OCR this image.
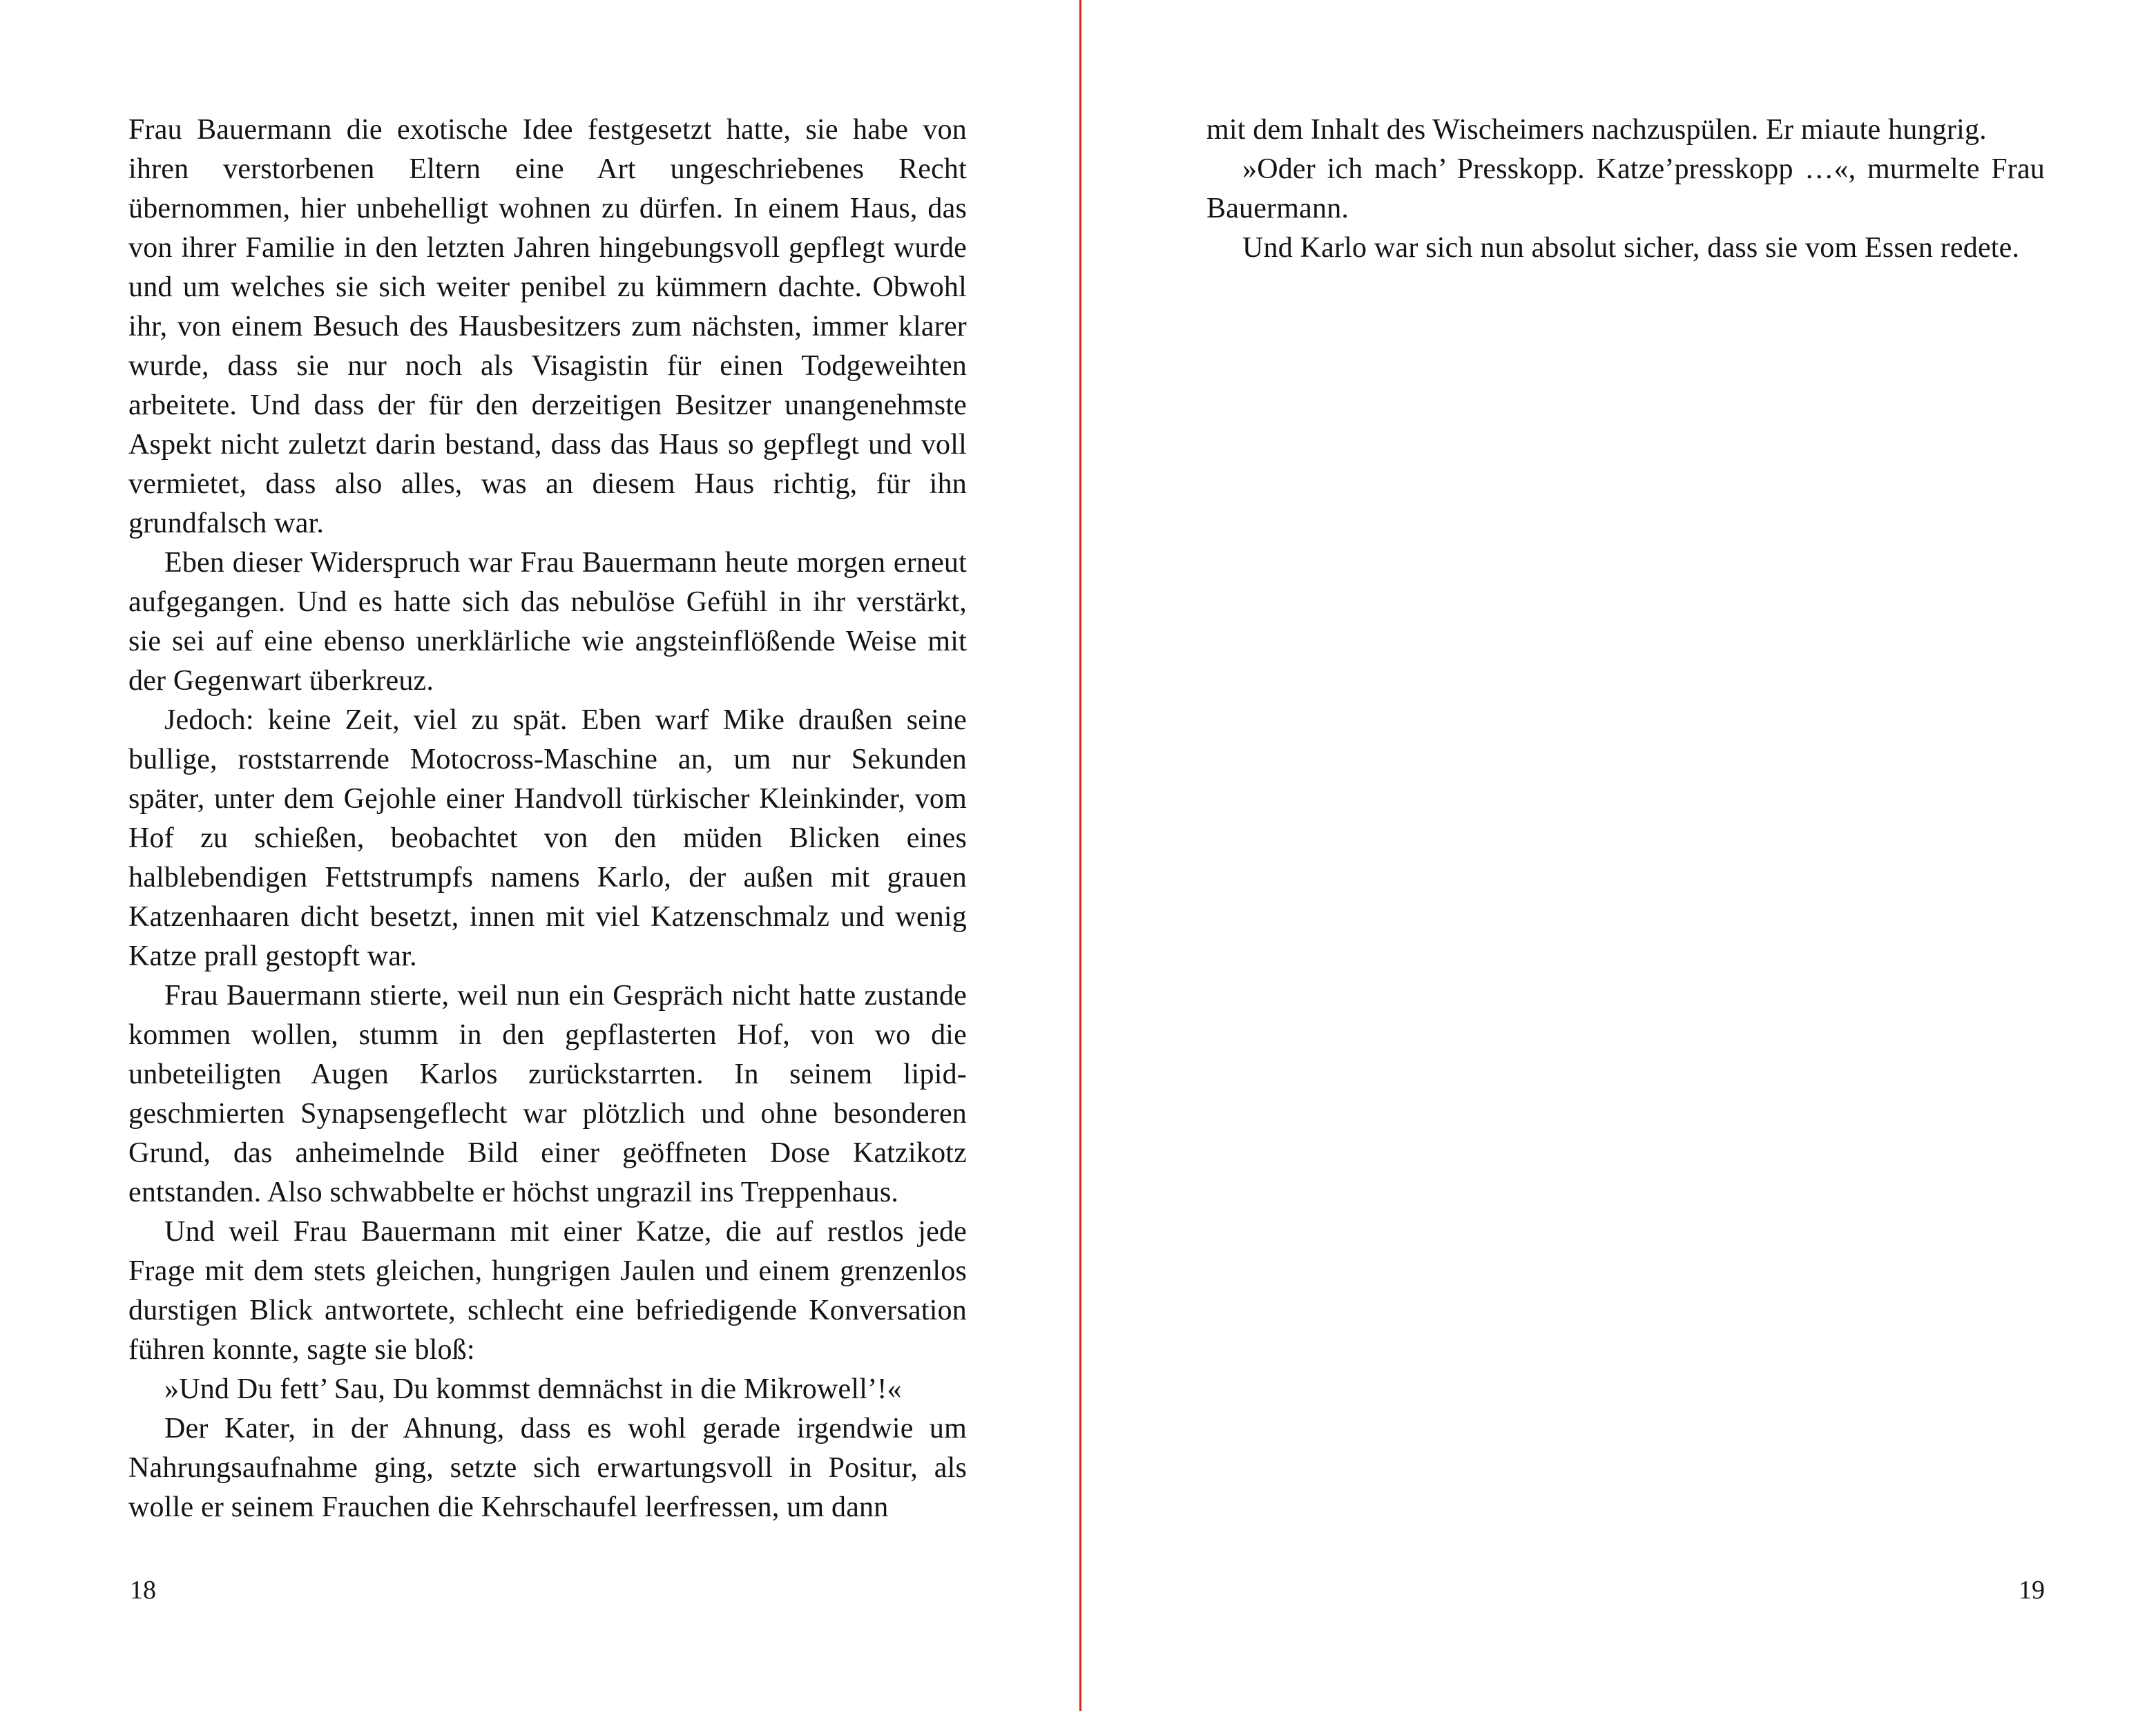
Frau Bauermann die exotische Idee festgesetzt hatte, sie habe von ihren verstorbenen Eltern eine Art ungeschriebenes Recht übernommen, hier unbehelligt wohnen zu dürfen. In einem Haus, das von ihrer Familie in den letzten Jahren hingebungsvoll gepflegt wurde und um welches sie sich weiter penibel zu kümmern dachte. Obwohl ihr, von einem Besuch des Hausbesitzers zum nächsten, immer klarer wurde, dass sie nur noch als Visagistin für einen Todgeweihten arbeitete. Und dass der für den derzeitigen Besitzer unangenehmste Aspekt nicht zuletzt darin bestand, dass das Haus so gepflegt und voll vermietet, dass also alles, was an diesem Haus richtig, für ihn grundfalsch war.

Eben dieser Widerspruch war Frau Bauermann heute morgen erneut aufgegangen. Und es hatte sich das nebulöse Gefühl in ihr verstärkt, sie sei auf eine ebenso unerklärliche wie angsteinflößende Weise mit der Gegenwart überkreuz.

Jedoch: keine Zeit, viel zu spät. Eben warf Mike draußen seine bullige, roststarrende Motocross-Maschine an, um nur Sekunden später, unter dem Gejohle einer Handvoll türkischer Kleinkinder, vom Hof zu schießen, beobachtet von den müden Blicken eines halblebendigen Fettstrumpfs namens Karlo, der außen mit grauen Katzenhaaren dicht besetzt, innen mit viel Katzenschmalz und wenig Katze prall gestopft war.

Frau Bauermann stierte, weil nun ein Gespräch nicht hatte zustande kommen wollen, stumm in den gepflasterten Hof, von wo die unbeteiligten Augen Karlos zurückstarrten. In seinem lipid-geschmierten Synapsengeflecht war plötzlich und ohne besonderen Grund, das anheimelnde Bild einer geöffneten Dose Katzikotz entstanden. Also schwabbelte er höchst ungrazil ins Treppenhaus.

Und weil Frau Bauermann mit einer Katze, die auf restlos jede Frage mit dem stets gleichen, hungrigen Jaulen und einem grenzenlos durstigen Blick antwortete, schlecht eine befriedigende Konversation führen konnte, sagte sie bloß:

»Und Du fett’ Sau, Du kommst demnächst in die Mikrowell’!«

Der Kater, in der Ahnung, dass es wohl gerade irgendwie um Nahrungsaufnahme ging, setzte sich erwartungsvoll in Positur, als wolle er seinem Frauchen die Kehrschaufel leerfressen, um dann

mit dem Inhalt des Wischeimers nachzuspülen. Er miaute hungrig.

»Oder ich mach’ Presskopp. Katze’presskopp …«, murmelte Frau Bauermann.

Und Karlo war sich nun absolut sicher, dass sie vom Essen redete.

18	19
